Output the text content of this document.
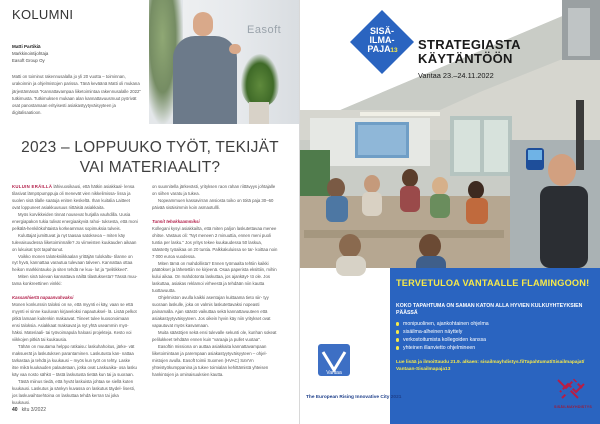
KOLUMNI
Matti Partikiä
Markkinointijohtaja
Easoft Group Oy
Matti on toiminut rakennusalalla jo yli 20 vuotta – toiminnan, urakoinnin ja ohjelmistojen parissa. Tänä keväänä Matti oli mukana järjestämässä "Kannattavampaa liiketoimintaa rakennusalalle 2022" tutkimusta. Tutkimuksen mukaan alan kannattavuusmuut pyörivät osat panostamaan erityisesti asiakastyytyväisyyteen ja digitalisaatioon.
Easoft
2023 – LOPPUUKO TYÖT, TEKIJÄT
VAI MATERIAALIT?

KULUIN ERÄILLÄ lähivuosikausi, että hätkin asiakkaal- lensa tilasivat lämpöpumppuja oli menevät vien nikkelimissa- lissa ja suolen sisä tilalle saatuja eniten keskeltä. Ihan kuitalia Laitteet ovat loppuneet asiakkuusuus riittäisiä asiakkaita.

Myös korvikkeiden tinnat nousevat hurjalla vauhdilla. Uusia energiapakon tukia tulivat energiaakyviä rahoi- tuksesta, että moni pelkälä-henkilökohtaista korkeammas sopimuksia tulveis.

Kuluttajat jumittuvat ja nyt taasaa satokseoa – miten käy tulevaisuudessa liiketoiminnalle? Jo viimeisten kuukauden aikaan on lukuisat työt tapahtunut.

Voikko monen talotekniikkaalan yrittäjän tulokaltu- tilanne on nyt hyvä, kannattaa varautua tulevaan talveen. Kannattaa ottaa heikon markkintauko ja siten tehdä ne kuu- lut ja "pelitikkeet".

Miten sinä tulevan kannattava näiltä tilastuksesta? Tässä muu- tama konkreettinen vinkki:

Kassanhiertä napaanvahvaksi

Monen konkurssin taloksi on se, että myynti ei käy, vaan se että myynti ei sinne kuuluvan kirjaveloksi napautuksel- lä. Lisää pelkot pitkä lamaan kuitenkin makaavat. Tiineet tulee kuosonoimaan ensi taloksia. Asiakkaat maksavat ja nyt yhtä useammin myö- häksi. Materiaali- tai työvoimapula haloasi projekteja. Kesto voi viikkojen pitkiä tai kuukausia.

Tähän on muutama helppo ratkaisu: laskuhahoitus, järke- vät maksuerät ja laskutuksen parantaminen. Laskutusta kan- nattaa tarkastaa ja tehdä ja kuukausi – myös kun työt on tehty. Laske itse mikä kuukauden palautetaan, jotka ovat Laskuaika- osa lasku käy vaa nosto sähkö – tästä laskutusta tietää kun tai ja suoraan.

Tästä miinus tiedä, että hyvät laskuista johtaa se siellä kuten kuukausi. Laskutus ja sänkyn kuvassa on laskutus täydel- lisesti, jos laskuvaihtoehtoina on laskuttaa tehdä kerran tai joka kuukausi.

on suunnitella järkevästi, yrityksen raon rahan riittävyys johtajalle on siihen varatu ja tukea.

Nopeammuen kassavirran ansiosta toiko on töitä paja 30–60 päivää sisäisimmin koin asmaotullli.

Tunnit tehokkaammiksi

Kollegani kysyi asiakkailta, että miten paljon laskutettavaa menee ohitse. Vastaus oli: "Nyt meneen 2 minuuttia, ennen meni puoli tuntia per lasku." Jos yritys tekee kuukaudessa 50 laskua, säästetty työaikaa on 20 tuntia. Palkkakuluissa se tar- koittaa noin 7 000 euroa vuodessa.

Miten tämä on mahdollista? Ennen työmaalta tehtiin kaikki päätökset ja lähetettiin ne kirjeenä. Osaa paperista eksittiin, mihin kului aikaa. On mahdotonta laskuttaa, jos ajankäyt- tö ole. Jos laskuttaa, asiakas reklamoi virheestä ja tehdään niin kautta tuottavuutta.

Ohjelmiston avulla kaikki asentajan kuittaama tieto siir- tyy suoraan laskulle, joka on valmis laskutettavaksi nopeasti painamalla. Ajan säästö vaikuttaa sekä kannattavuuteen että asiakastyytyväisyyteen. Jos oikein hyvin käy niin yritykset ovat vapautuvat myös kasvamaan.

Muita säästöjen sekä ensi tulevalle sekunti ole, kunhan sokeat pelilukkeet tehdään ennen kuin "varaaja ja pullet vuotaa".

Easoftin missiona on auttaa asiakkaita kannattavampaan liiketoimintaan ja parempaan asiakastyytyväisyyteen – ohjel- mistojen avulla. Easoft toimii Suomen (HVAC) SaVVn yhteistyökumppanina ja tukee toimialan kehittämistä yhteisen hankintojen ja ominaisuuksien kautta.

40 kitu 3/2022
SISÄ-
ILMA-
PAJA 13 STRATEGIASTA
KÄYTÄNTÖÖN
Vantaa 23.–24.11.2022
TERVETULOA VANTAALLE FLAMINGOON!
KOKO TAPAHTUMA ON SAMAN KATON ALLA HYVIEN KULKUYHTEYKSIEN PÄÄSSÄ
monipuolinen, ajankohtainen ohjelma
sisäilma-alheinen näyttely
verkostoitumista kollegoiden kanssa
yhteinen illanvietto ohjelmineen
Lue lisää ja ilmoittaudu 21.9. alkaen: sisailmayhdistys.fi/Tapahtumat/Sisailmapajat/ Vantaan-Sisailmapaja13
Vantaa
The European Rising Innovative City 2021
SISÄILMAYHDISTYS
